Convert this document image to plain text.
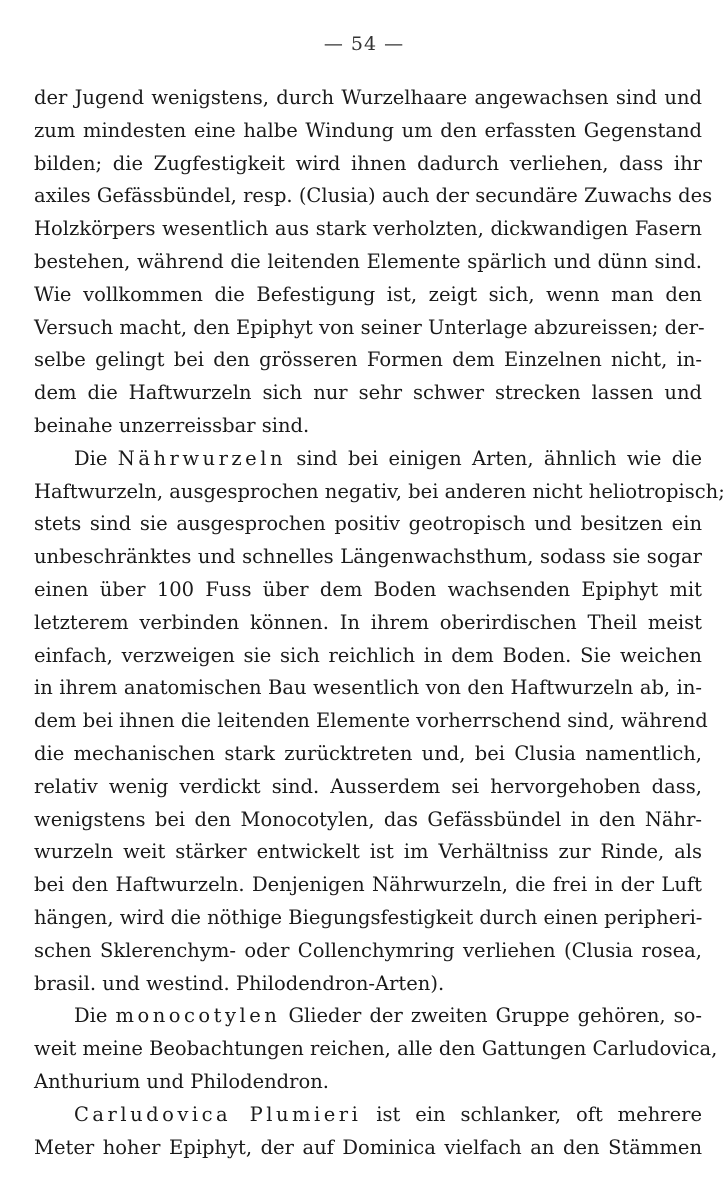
— 54 —
der Jugend wenigstens, durch Wurzelhaare angewachsen sind und
zum mindesten eine halbe Windung um den erfassten Gegenstand
bilden; die Zugfestigkeit wird ihnen dadurch verliehen, dass ihr
axiles Gefässbündel, resp. (Clusia) auch der secundäre Zuwachs des
Holzkörpers wesentlich aus stark verholzten, dickwandigen Fasern
bestehen, während die leitenden Elemente spärlich und dünn sind.
Wie vollkommen die Befestigung ist, zeigt sich, wenn man den
Versuch macht, den Epiphyt von seiner Unterlage abzureissen; der-
selbe gelingt bei den grösseren Formen dem Einzelnen nicht, in-
dem die Haftwurzeln sich nur sehr schwer strecken lassen und
beinahe unzerreissbar sind.
Die Nährwurzeln sind bei einigen Arten, ähnlich wie die
Haftwurzeln, ausgesprochen negativ, bei anderen nicht heliotropisch;
stets sind sie ausgesprochen positiv geotropisch und besitzen ein
unbeschränktes und schnelles Längenwachsthum, sodass sie sogar
einen über 100 Fuss über dem Boden wachsenden Epiphyt mit
letzterem verbinden können. In ihrem oberirdischen Theil meist
einfach, verzweigen sie sich reichlich in dem Boden. Sie weichen
in ihrem anatomischen Bau wesentlich von den Haftwurzeln ab, in-
dem bei ihnen die leitenden Elemente vorherrschend sind, während
die mechanischen stark zurücktreten und, bei Clusia namentlich,
relativ wenig verdickt sind. Ausserdem sei hervorgehoben dass,
wenigstens bei den Monocotylen, das Gefässbündel in den Nähr-
wurzeln weit stärker entwickelt ist im Verhältniss zur Rinde, als
bei den Haftwurzeln. Denjenigen Nährwurzeln, die frei in der Luft
hängen, wird die nöthige Biegungsfestigkeit durch einen peripheri-
schen Sklerenchym- oder Collenchymring verliehen (Clusia rosea,
brasil. und westind. Philodendron-Arten).
Die monocotylen Glieder der zweiten Gruppe gehören, so-
weit meine Beobachtungen reichen, alle den Gattungen Carludovica,
Anthurium und Philodendron.
Carludovica Plumieri ist ein schlanker, oft mehrere
Meter hoher Epiphyt, der auf Dominica vielfach an den Stämmen
